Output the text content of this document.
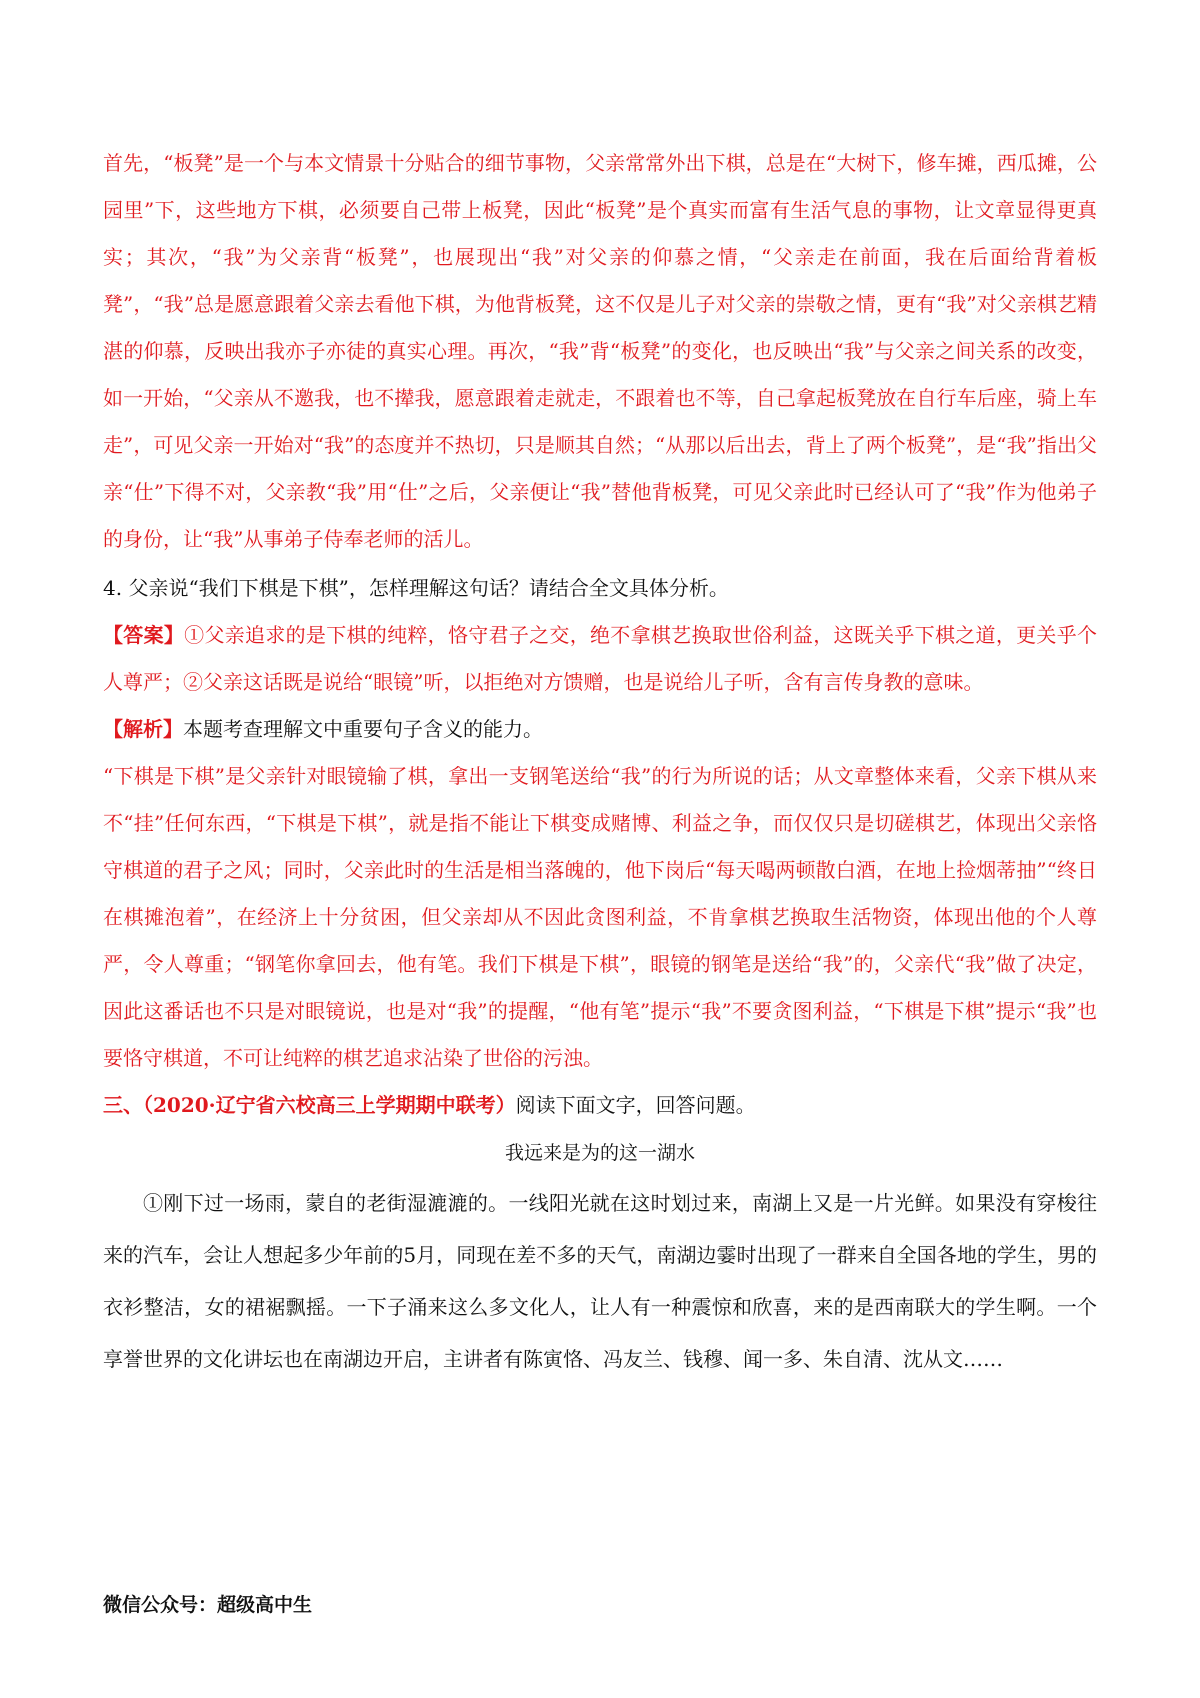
首先，“板凳”是一个与本文情景十分贴合的细节事物，父亲常常外出下棋，总是在“大树下，修车摊，西瓜摊，公园里”下，这些地方下棋，必须要自己带上板凳，因此“板凳”是个真实而富有生活气息的事物，让文章显得更真实；其次，“我”为父亲背“板凳”，也展现出“我”对父亲的仰慕之情，“父亲走在前面，我在后面给背着板凳”，“我”总是愿意跟着父亲去看他下棋，为他背板凳，这不仅是儿子对父亲的崇敬之情，更有“我”对父亲棋艺精湛的仰慕，反映出我亦子亦徒的真实心理。再次，“我”背“板凳”的变化，也反映出“我”与父亲之间关系的改变，如一开始，“父亲从不邀我，也不撵我，愿意跟着走就走，不跟着也不等，自己拿起板凳放在自行车后座，骑上车走”，可见父亲一开始对“我”的态度并不热切，只是顺其自然；“从那以后出去，背上了两个板凳”，是“我”指出父亲“仕”下得不对，父亲教“我”用“仕”之后，父亲便让“我”替他背板凳，可见父亲此时已经认可了“我”作为他弟子的身份，让“我”从事弟子侍奉老师的活儿。

4. 父亲说“我们下棋是下棋”，怎样理解这句话？请结合全文具体分析。

【答案】①父亲追求的是下棋的纯粹，恪守君子之交，绝不拿棋艺换取世俗利益，这既关乎下棋之道，更关乎个人尊严；②父亲这话既是说给“眼镜”听，以拒绝对方馈赠，也是说给儿子听，含有言传身教的意味。

【解析】本题考查理解文中重要句子含义的能力。

“下棋是下棋”是父亲针对眼镜输了棋，拿出一支钢笔送给“我”的行为所说的话；从文章整体来看，父亲下棋从来不“挂”任何东西，“下棋是下棋”，就是指不能让下棋变成赌博、利益之争，而仅仅只是切磋棋艺，体现出父亲恪守棋道的君子之风；同时，父亲此时的生活是相当落魄的，他下岗后“每天喝两顿散白酒，在地上捡烟蒂抽”“终日在棋摊泡着”，在经济上十分贫困，但父亲却从不因此贪图利益，不肯拿棋艺换取生活物资，体现出他的个人尊严，令人尊重；“钢笔你拿回去，他有笔。我们下棋是下棋”，眼镜的钢笔是送给“我”的，父亲代“我”做了决定，因此这番话也不只是对眼镜说，也是对“我”的提醒，“他有笔”提示“我”不要贪图利益，“下棋是下棋”提示“我”也要恪守棋道，不可让纯粹的棋艺追求沾染了世俗的污浊。

三、（2020·辽宁省六校高三上学期期中联考）阅读下面文字，回答问题。

我远来是为的这一湖水

①刚下过一场雨，蒙自的老街湿漉漉的。一线阳光就在这时划过来，南湖上又是一片光鲜。如果没有穿梭往来的汽车，会让人想起多少年前的5月，同现在差不多的天气，南湖边霎时出现了一群来自全国各地的学生，男的衣衫整洁，女的裙裾飘摇。一下子涌来这么多文化人，让人有一种震惊和欣喜，来的是西南联大的学生啊。一个享誉世界的文化讲坛也在南湖边开启，主讲者有陈寅恪、冯友兰、钱穆、闻一多、朱自清、沈从文……

微信公众号：超级高中生
